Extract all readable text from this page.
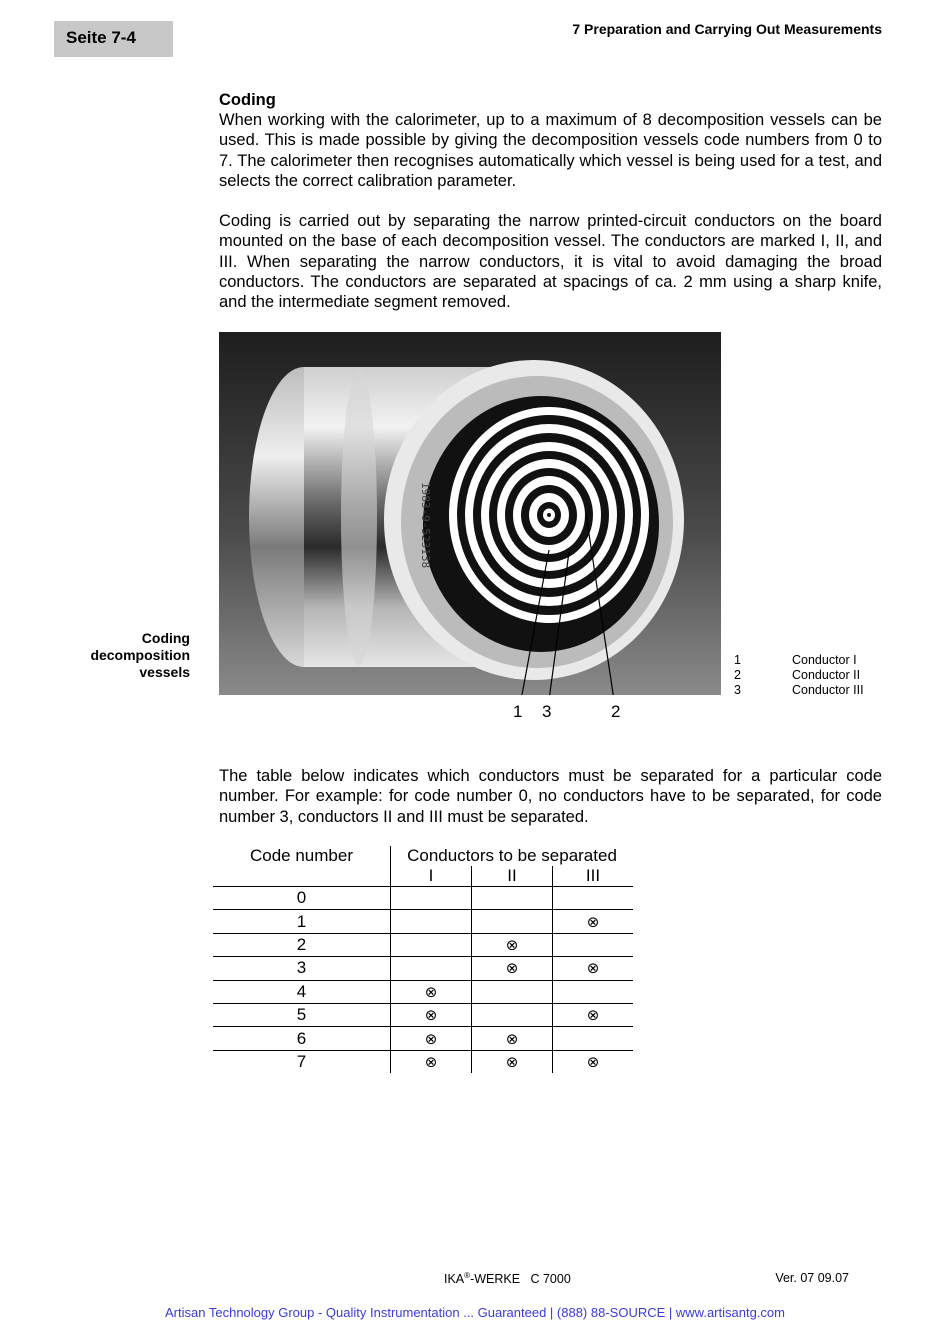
Seite 7-4	7 Preparation and Carrying Out Measurements
Coding

When working with the calorimeter, up to a maximum of 8 decomposition vessels can be used. This is made possible by giving the decomposition vessels code numbers from 0 to 7. The calorimeter then recognises automatically which vessel is being used for a test, and selects the correct calibration parameter.

Coding is carried out by separating the narrow printed-circuit conductors on the board mounted on the base of each decomposition vessel. The conductors are marked I, II, and III. When separating the narrow conductors, it is vital to avoid damaging the broad conductors. The conductors are separated at spacings of ca. 2 mm using a sharp knife, and the intermediate segment removed.

1983-9-523138
Coding
decomposition
vessels
1 3	2
1	Conductor I
2	Conductor II
3	Conductor III

The table below indicates which conductors must be separated for a particular code number. For example: for code number 0, no conductors have to be separated, for code number 3, conductors II and III must be separated.

Code number	Conductors to be separated		
	I	II	III
0			
1			⊗
2		⊗	
3		⊗	⊗
4	⊗		
5	⊗		⊗
6	⊗	⊗	
7	⊗	⊗	⊗
IKA®-WERKE   C 7000	Ver. 07 09.07
Artisan Technology Group - Quality Instrumentation ... Guaranteed | (888) 88-SOURCE | www.artisantg.com
